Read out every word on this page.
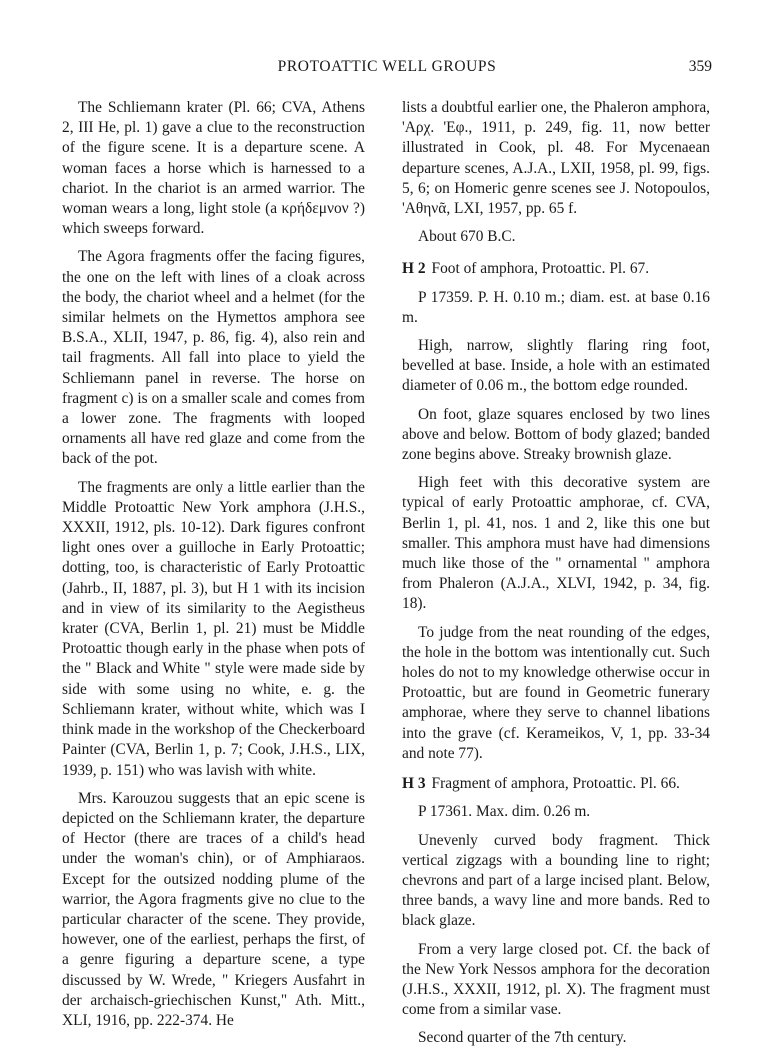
PROTOATTIC WELL GROUPS	359

The Schliemann krater (Pl. 66; CVA, Athens 2, III He, pl. 1) gave a clue to the reconstruction of the figure scene. It is a departure scene. A woman faces a horse which is harnessed to a chariot. In the chariot is an armed warrior. The woman wears a long, light stole (a κρήδεμνον ?) which sweeps forward.

The Agora fragments offer the facing figures, the one on the left with lines of a cloak across the body, the chariot wheel and a helmet (for the similar helmets on the Hymettos amphora see B.S.A., XLII, 1947, p. 86, fig. 4), also rein and tail fragments. All fall into place to yield the Schliemann panel in reverse. The horse on fragment c) is on a smaller scale and comes from a lower zone. The fragments with looped ornaments all have red glaze and come from the back of the pot.

The fragments are only a little earlier than the Middle Protoattic New York amphora (J.H.S., XXXII, 1912, pls. 10-12). Dark figures confront light ones over a guilloche in Early Protoattic; dotting, too, is characteristic of Early Protoattic (Jahrb., II, 1887, pl. 3), but H 1 with its incision and in view of its similarity to the Aegistheus krater (CVA, Berlin 1, pl. 21) must be Middle Protoattic though early in the phase when pots of the " Black and White " style were made side by side with some using no white, e. g. the Schliemann krater, without white, which was I think made in the workshop of the Checkerboard Painter (CVA, Berlin 1, p. 7; Cook, J.H.S., LIX, 1939, p. 151) who was lavish with white.

Mrs. Karouzou suggests that an epic scene is depicted on the Schliemann krater, the departure of Hector (there are traces of a child's head under the woman's chin), or of Amphiaraos. Except for the outsized nodding plume of the warrior, the Agora fragments give no clue to the particular character of the scene. They provide, however, one of the earliest, perhaps the first, of a genre figuring a departure scene, a type discussed by W. Wrede, " Kriegers Ausfahrt in der archaisch-griechischen Kunst," Ath. Mitt., XLI, 1916, pp. 222-374. He

lists a doubtful earlier one, the Phaleron amphora, 'Αρχ. 'Εφ., 1911, p. 249, fig. 11, now better illustrated in Cook, pl. 48. For Mycenaean departure scenes, A.J.A., LXII, 1958, pl. 99, figs. 5, 6; on Homeric genre scenes see J. Notopoulos, 'Αθηνᾶ, LXI, 1957, pp. 65 f.

About 670 B.C.

H 2 Foot of amphora, Protoattic. Pl. 67.

P 17359. P. H. 0.10 m.; diam. est. at base 0.16 m.

High, narrow, slightly flaring ring foot, bevelled at base. Inside, a hole with an estimated diameter of 0.06 m., the bottom edge rounded.

On foot, glaze squares enclosed by two lines above and below. Bottom of body glazed; banded zone begins above. Streaky brownish glaze.

High feet with this decorative system are typical of early Protoattic amphorae, cf. CVA, Berlin 1, pl. 41, nos. 1 and 2, like this one but smaller. This amphora must have had dimensions much like those of the " ornamental " amphora from Phaleron (A.J.A., XLVI, 1942, p. 34, fig. 18).

To judge from the neat rounding of the edges, the hole in the bottom was intentionally cut. Such holes do not to my knowledge otherwise occur in Protoattic, but are found in Geometric funerary amphorae, where they serve to channel libations into the grave (cf. Kerameikos, V, 1, pp. 33-34 and note 77).

H 3 Fragment of amphora, Protoattic. Pl. 66.

P 17361. Max. dim. 0.26 m.

Unevenly curved body fragment. Thick vertical zigzags with a bounding line to right; chevrons and part of a large incised plant. Below, three bands, a wavy line and more bands. Red to black glaze.

From a very large closed pot. Cf. the back of the New York Nessos amphora for the decoration (J.H.S., XXXII, 1912, pl. X). The fragment must come from a similar vase.

Second quarter of the 7th century.
